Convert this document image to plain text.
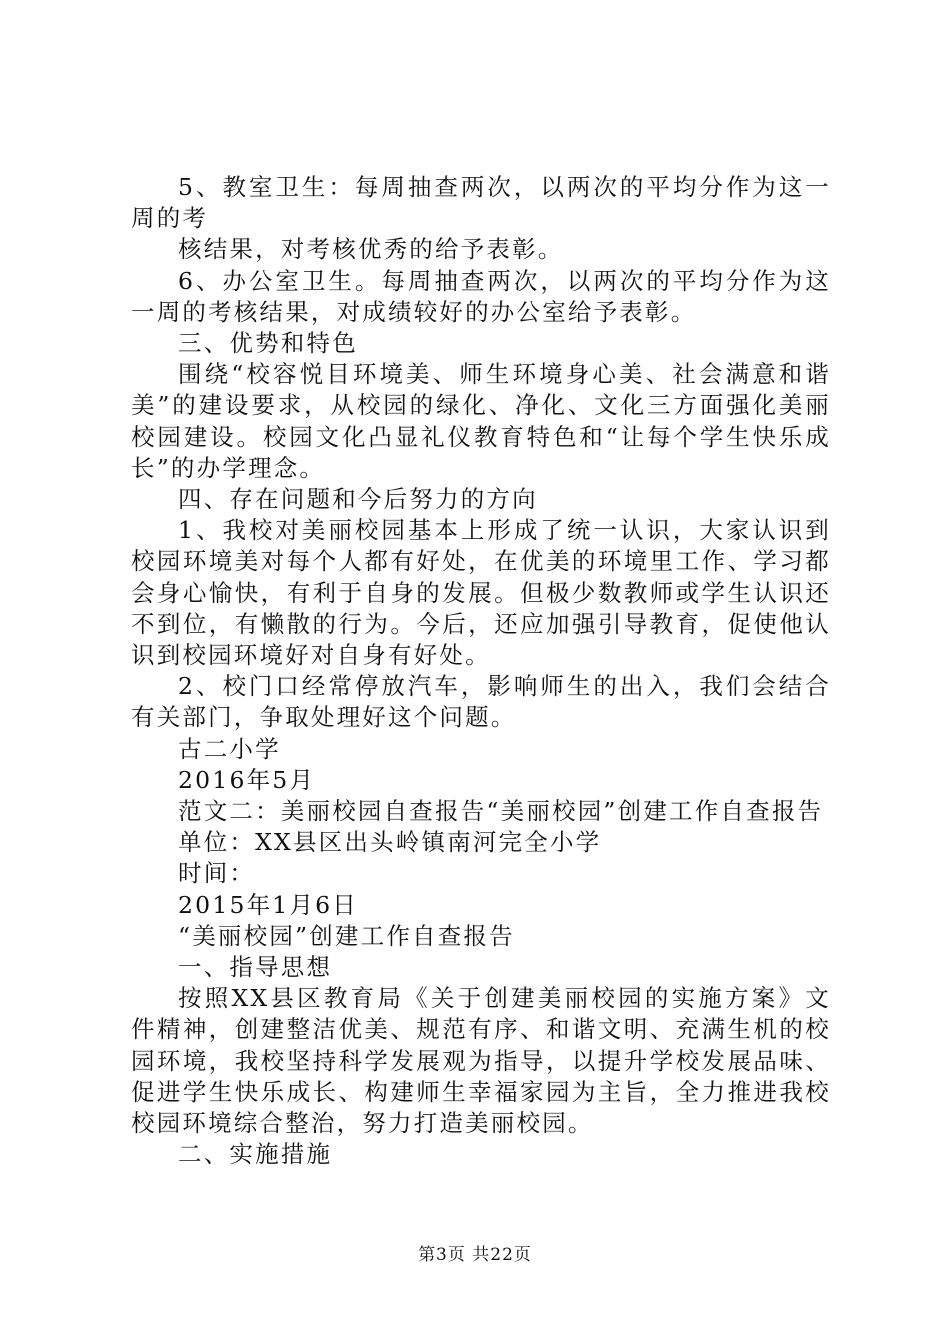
5、教室卫生：每周抽查两次，以两次的平均分作为这一周的考

核结果，对考核优秀的给予表彰。

6、办公室卫生。每周抽查两次，以两次的平均分作为这一周的考核结果，对成绩较好的办公室给予表彰。

三、优势和特色

围绕“校容悦目环境美、师生环境身心美、社会满意和谐美”的建设要求，从校园的绿化、净化、文化三方面强化美丽校园建设。校园文化凸显礼仪教育特色和“让每个学生快乐成长”的办学理念。

四、存在问题和今后努力的方向

1、我校对美丽校园基本上形成了统一认识，大家认识到校园环境美对每个人都有好处，在优美的环境里工作、学习都会身心愉快，有利于自身的发展。但极少数教师或学生认识还不到位，有懒散的行为。今后，还应加强引导教育，促使他认识到校园环境好对自身有好处。

2、校门口经常停放汽车，影响师生的出入，我们会结合有关部门，争取处理好这个问题。

古二小学

2016年5月

范文二：美丽校园自查报告“美丽校园”创建工作自查报告

单位：XX县区出头岭镇南河完全小学

时间：

2015年1月6日

“美丽校园”创建工作自查报告

一、指导思想

按照XX县区教育局《关于创建美丽校园的实施方案》文件精神，创建整洁优美、规范有序、和谐文明、充满生机的校园环境，我校坚持科学发展观为指导，以提升学校发展品味、促进学生快乐成长、构建师生幸福家园为主旨，全力推进我校校园环境综合整治，努力打造美丽校园。

二、实施措施

第3页 共22页
